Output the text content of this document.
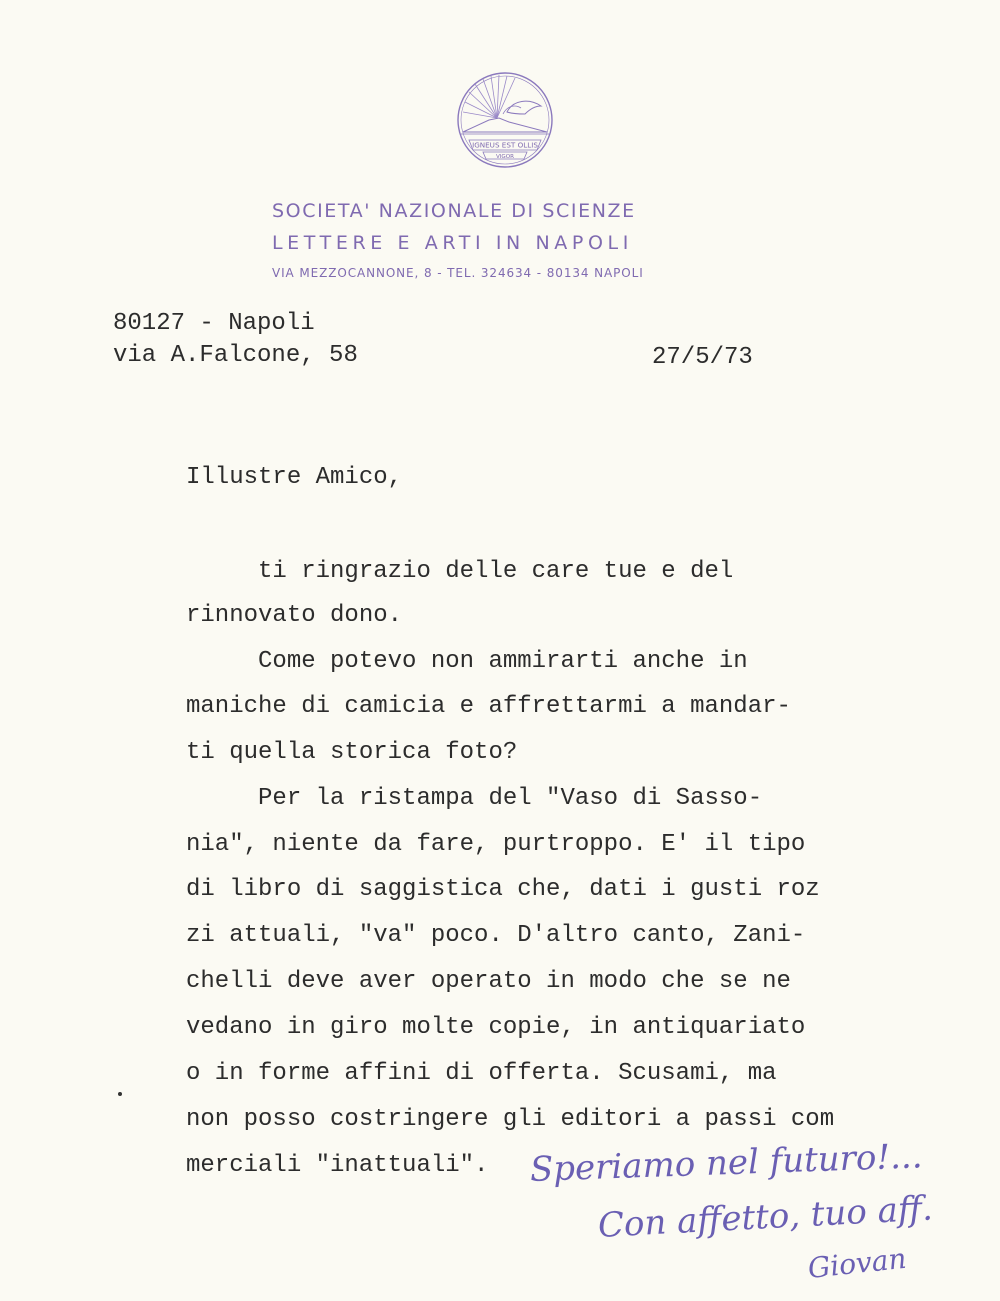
IGNEUS EST OLLIS
VIGOR
SOCIETA' NAZIONALE DI SCIENZE
LETTERE E ARTI IN NAPOLI
VIA MEZZOCANNONE, 8 - TEL. 324634 - 80134 NAPOLI
80127 - Napoli
via A.Falcone, 58	27/5/73
Illustre Amico,
ti ringrazio delle care tue e del
rinnovato dono.
Come potevo non ammirarti anche in
maniche di camicia e affrettarmi a mandar-
ti quella storica foto?
Per la ristampa del "Vaso di Sasso-
nia", niente da fare, purtroppo. E' il tipo
di libro di saggistica che, dati i gusti roz
zi attuali, "va" poco. D'altro canto, Zani-
chelli deve aver operato in modo che se ne
vedano in giro molte copie, in antiquariato
o in forme affini di offerta. Scusami, ma
non posso costringere gli editori a passi com
merciali "inattuali". Speriamo nel futuro!...
Con affetto, tuo aff.
Giovan
